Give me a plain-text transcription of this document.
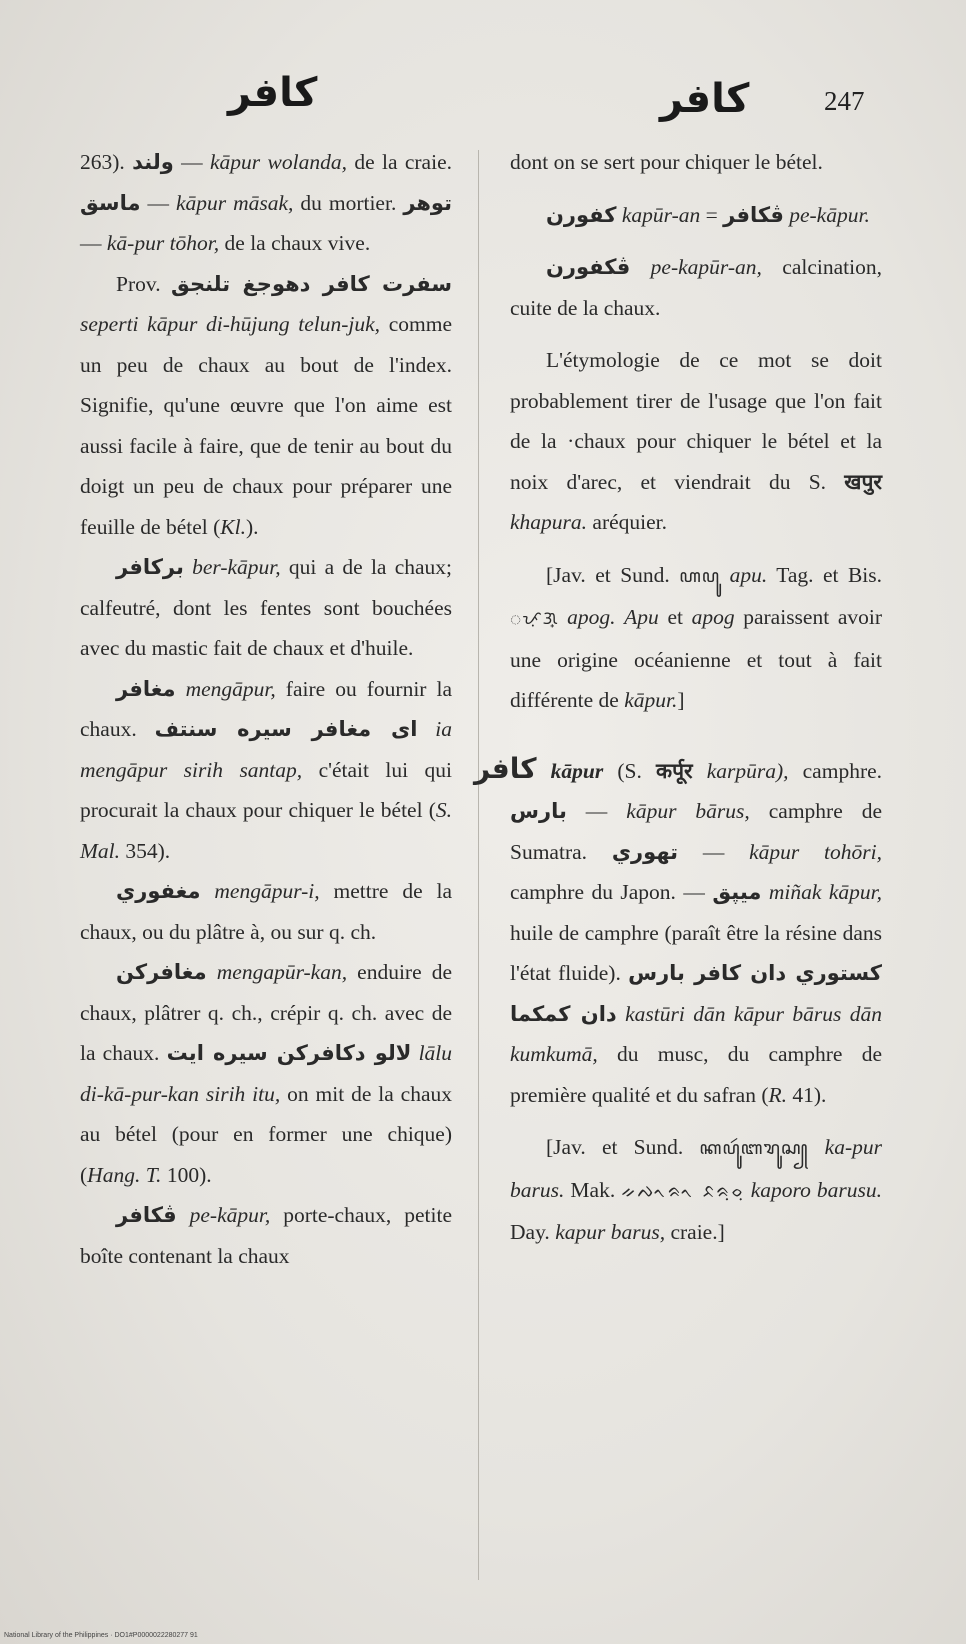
كافر	كافر	247

263). ولند — kāpur wolanda, de la craie. ماسق — kāpur māsak, du mortier. توهر — kā-pur tōhor, de la chaux vive.

Prov. سفرت كافر دهوجغ تلنجق seperti kāpur di-hūjung telun-juk, comme un peu de chaux au bout de l'index. Signifie, qu'une œuvre que l'on aime est aussi facile à faire, que de tenir au bout du doigt un peu de chaux pour préparer une feuille de bétel (Kl.).

بركافر ber-kāpur, qui a de la chaux; calfeutré, dont les fentes sont bouchées avec du mastic fait de chaux et d'huile.

مغافر mengāpur, faire ou fournir la chaux. اى مغافر سيره سنتف ia mengāpur sirih santap, c'était lui qui procurait la chaux pour chiquer le bétel (S. Mal. 354).

مغفوري mengāpur-i, mettre de la chaux, ou du plâtre à, ou sur q. ch.

مغافركن mengapūr-kan, enduire de chaux, plâtrer q. ch., crépir q. ch. avec de la chaux. لالو دكافركن سيره ايت lālu di-kā-pur-kan sirih itu, on mit de la chaux au bétel (pour en former une chique) (Hang. T. 100).

ڤكافر pe-kāpur, porte-chaux, petite boîte contenant la chaux

dont on se sert pour chiquer le bétel.

كفورن kapūr-an = ڤكافر pe-kāpur.

ڤكفورن pe-kapūr-an, calcination, cuite de la chaux.

L'étymologie de ce mot se doit probablement tirer de l'usage que l'on fait de la ·chaux pour chiquer le bétel et la noix d'arec, et viendrait du S. खपुर khapura. aréquier.

[Jav. et Sund. ꦲꦥꦸ apu. Tag. et Bis. ᜀᜉᜓᜄ᜔ apog. Apu et apog paraissent avoir une origine océanienne et tout à fait différente de kāpur.]

كافر kāpur (S. कर्पूर karpūra), camphre. بارس — kāpur bārus, camphre de Sumatra. تهوري — kāpur tohōri, camphre du Japon. — ميڽق miñak kāpur, huile de camphre (paraît être la résine dans l'état fluide). كستوري دان كافر بارس دان كمكما kastūri dān kāpur bārus dān kumkumā, du musc, du camphre de première qualité et du safran (R. 41).

[Jav. et Sund. ꦏꦥꦸꦂꦧꦫꦸꦱ꧀ ka-pur barus. Mak. ᨀᨄᨚᨑᨚ ᨅᨑᨘᨔᨘ kaporo barusu. Day. kapur barus, craie.]

National Library of the Philippines · DO1#P0000022280277 91
